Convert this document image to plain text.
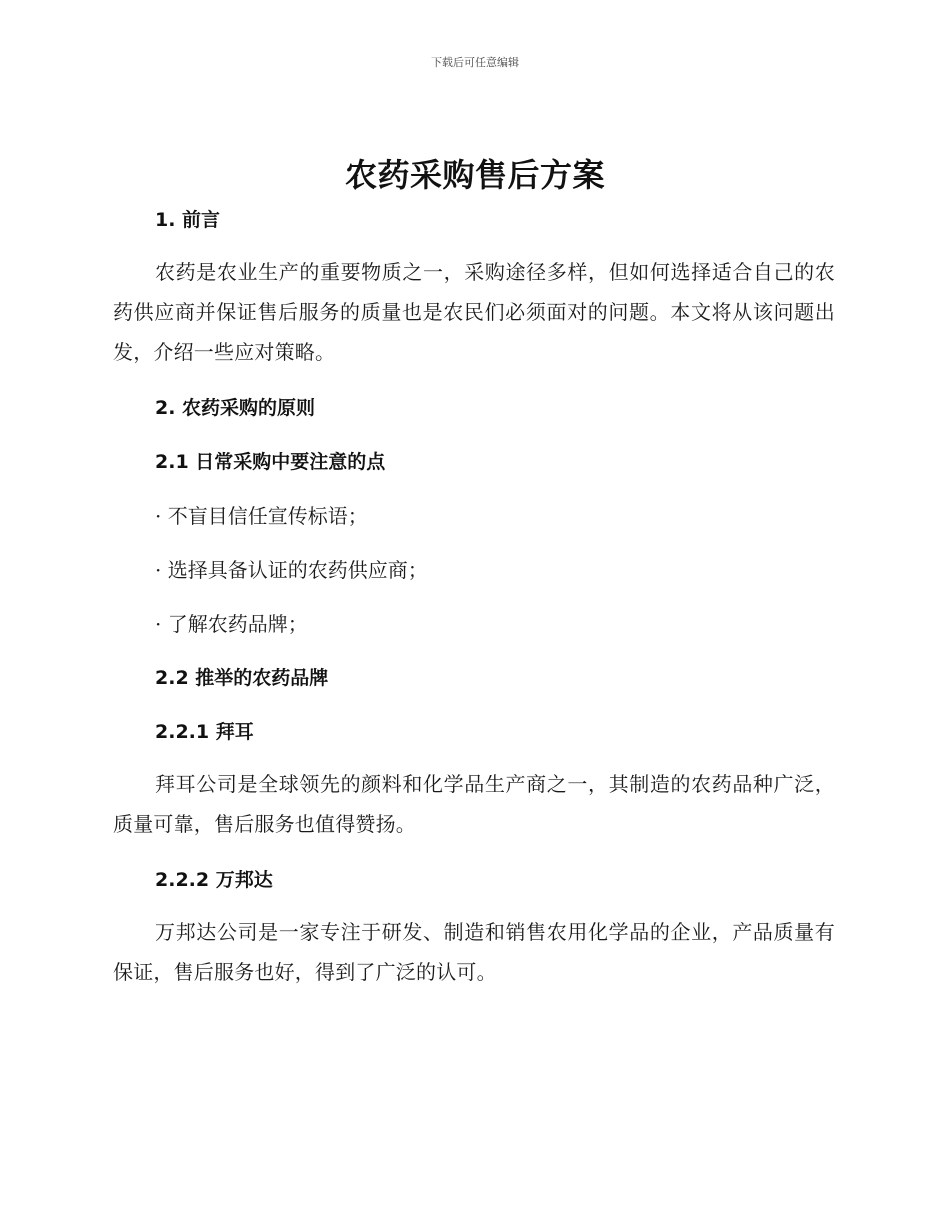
下载后可任意编辑
农药采购售后方案
1. 前言

农药是农业生产的重要物质之一，采购途径多样，但如何选择适合自己的农药供应商并保证售后服务的质量也是农民们必须面对的问题。本文将从该问题出发，介绍一些应对策略。

2. 农药采购的原则
2.1 日常采购中要注意的点

· 不盲目信任宣传标语；

· 选择具备认证的农药供应商；

· 了解农药品牌；

2.2 推举的农药品牌
2.2.1 拜耳

拜耳公司是全球领先的颜料和化学品生产商之一，其制造的农药品种广泛，质量可靠，售后服务也值得赞扬。

2.2.2 万邦达

万邦达公司是一家专注于研发、制造和销售农用化学品的企业，产品质量有保证，售后服务也好，得到了广泛的认可。
